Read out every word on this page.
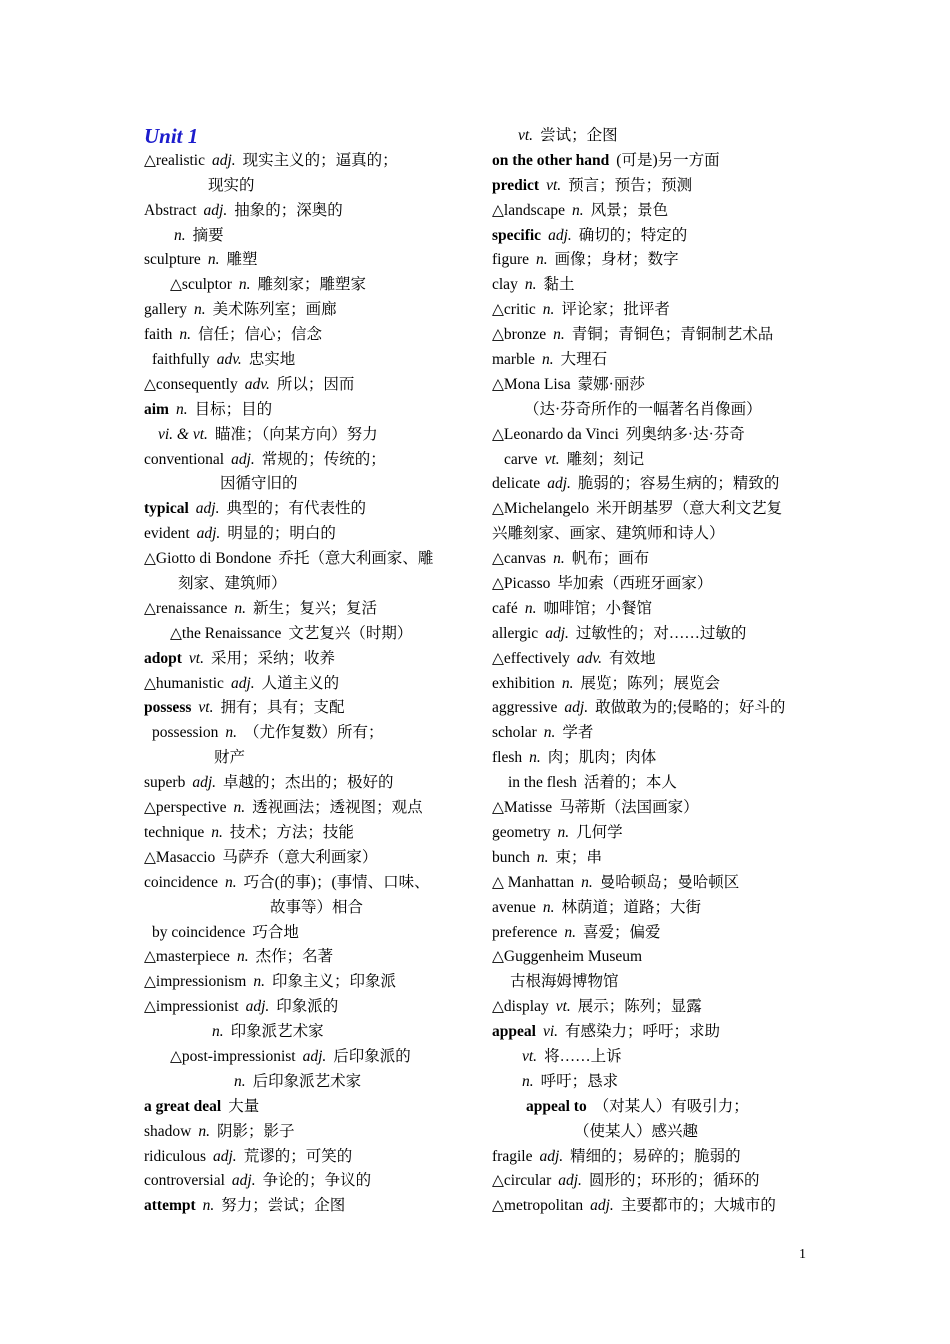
Unit 1
△realistic adj. 现实主义的；逼真的；
现实的
Abstract adj. 抽象的；深奥的
n. 摘要
sculpture n. 雕塑
△sculptor n. 雕刻家；雕塑家
gallery n. 美术陈列室；画廊
faith n. 信任；信心；信念
faithfully adv. 忠实地
△consequently adv. 所以；因而
aim n. 目标；目的
vi. & vt. 瞄准；（向某方向）努力
conventional adj. 常规的；传统的；
因循守旧的
typical adj. 典型的；有代表性的
evident adj. 明显的；明白的
△Giotto di Bondone 乔托（意大利画家、雕
刻家、建筑师）
△renaissance n. 新生；复兴；复活
△the Renaissance 文艺复兴（时期）
adopt vt. 采用；采纳；收养
△humanistic adj. 人道主义的
possess vt. 拥有；具有；支配
possession n. （尤作复数）所有；
财产
superb adj. 卓越的；杰出的；极好的
△perspective n. 透视画法；透视图；观点
technique n. 技术；方法；技能
△Masaccio 马萨乔（意大利画家）
coincidence n. 巧合(的事)；(事情、口味、
故事等）相合
by coincidence 巧合地
△masterpiece n. 杰作；名著
△impressionism n. 印象主义；印象派
△impressionist adj. 印象派的
n. 印象派艺术家
△post-impressionist adj. 后印象派的
n. 后印象派艺术家
a great deal 大量
shadow n. 阴影；影子
ridiculous adj. 荒谬的；可笑的
controversial adj. 争论的；争议的
attempt n. 努力；尝试；企图
vt. 尝试；企图
on the other hand (可是)另一方面
predict vt. 预言；预告；预测
△landscape n. 风景；景色
specific adj. 确切的；特定的
figure n. 画像；身材；数字
clay n. 黏土
△critic n. 评论家；批评者
△bronze n. 青铜；青铜色；青铜制艺术品
marble n. 大理石
△Mona Lisa 蒙娜·丽莎
（达·芬奇所作的一幅著名肖像画）
△Leonardo da Vinci 列奥纳多·达·芬奇
carve vt. 雕刻；刻记
delicate adj. 脆弱的；容易生病的；精致的
△Michelangelo 米开朗基罗（意大利文艺复
兴雕刻家、画家、建筑师和诗人）
△canvas n. 帆布；画布
△Picasso 毕加索（西班牙画家）
café n. 咖啡馆；小餐馆
allergic adj. 过敏性的；对……过敏的
△effectively adv. 有效地
exhibition n. 展览；陈列；展览会
aggressive adj. 敢做敢为的;侵略的；好斗的
scholar n. 学者
flesh n. 肉；肌肉；肉体
in the flesh 活着的；本人
△Matisse 马蒂斯（法国画家）
geometry n. 几何学
bunch n. 束；串
△ Manhattan n. 曼哈顿岛；曼哈顿区
avenue n. 林荫道；道路；大街
preference n. 喜爱；偏爱
△Guggenheim Museum
古根海姆博物馆
△display vt. 展示；陈列；显露
appeal vi. 有感染力；呼吁；求助
vt. 将……上诉
n. 呼吁；恳求
appeal to （对某人）有吸引力；
（使某人）感兴趣
fragile adj. 精细的；易碎的；脆弱的
△circular adj. 圆形的；环形的；循环的
△metropolitan adj. 主要都市的；大城市的
1
